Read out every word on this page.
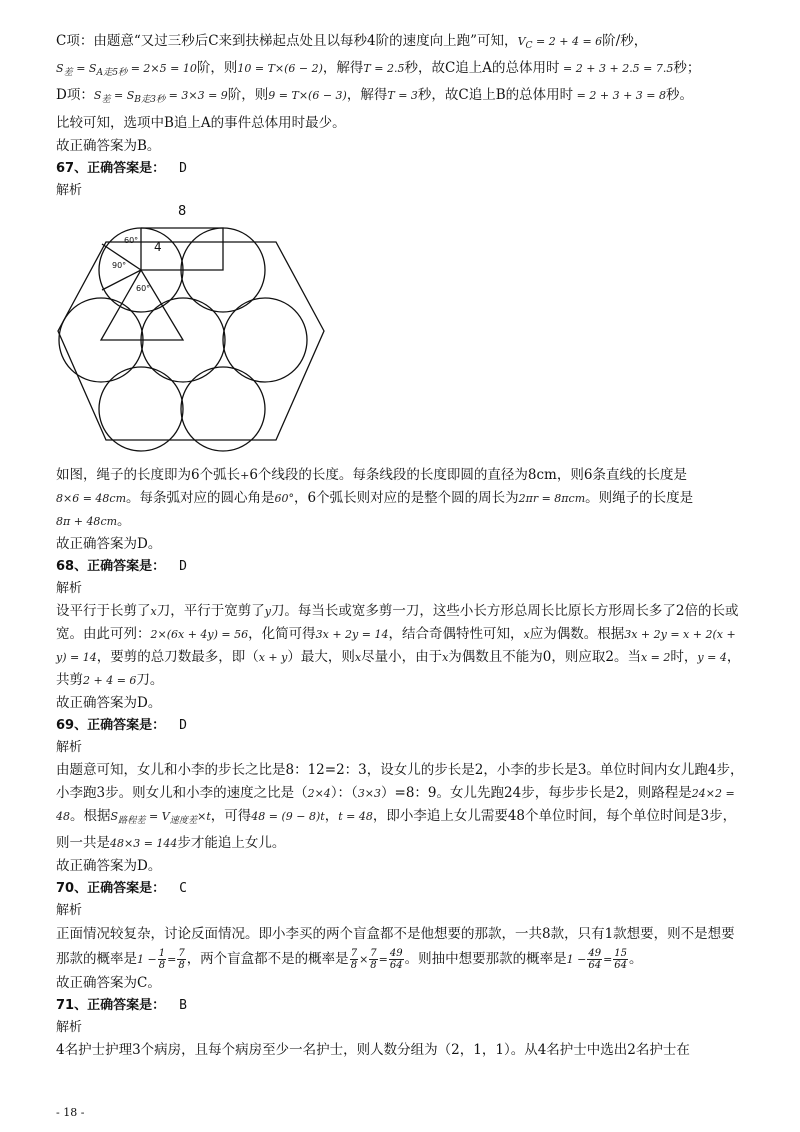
C项：由题意“又过三秒后C来到扶梯起点处且以每秒4阶的速度向上跑”可知，$V_C = 2 + 4 = 6$阶/秒，
$S_差 = S_{A走5秒} = 2\times 5 = 10$阶，则10 = T×(6 − 2)，解得T = 2.5秒，故C追上A的总体用时 = 2 + 3 + 2.5 = 7.5秒；

D项：$S_差 = S_{B走3秒} = 3\times 3 = 9$阶，则9 = T×(6 − 3)，解得T = 3秒，故C追上B的总体用时 = 2 + 3 + 3 = 8秒。

比较可知，选项中B追上A的事件总体用时最少。

故正确答案为B。

67、正确答案是： D

解析

8
4
60°
90°
60°

如图，绳子的长度即为6个弧长+6个线段的长度。每条线段的长度即圆的直径为8cm，则6条直线的长度是
8×6 = 48cm。每条弧对应的圆心角是60°，6个弧长则对应的是整个圆的周长为2πr = 8πcm。则绳子的长度是
8π + 48cm。

故正确答案为D。

68、正确答案是： D

解析

设平行于长剪了x刀，平行于宽剪了y刀。每当长或宽多剪一刀，这些小长方形总周长比原长方形周长多了2倍的长或宽。由此可列：2×(6x + 4y) = 56，化简可得3x + 2y = 14，结合奇偶特性可知，x应为偶数。根据3x + 2y = x + 2(x + y) = 14，要剪的总刀数最多，即（x + y）最大，则x尽量小，由于x为偶数且不能为0，则应取2。当x = 2时，y = 4，共剪2 + 4 = 6刀。

故正确答案为D。

69、正确答案是： D

解析

由题意可知，女儿和小李的步长之比是8：12=2：3，设女儿的步长是2，小李的步长是3。单位时间内女儿跑4步，小李跑3步。则女儿和小李的速度之比是（2×4）：（3×3）=8：9。女儿先跑24步，每步步长是2，则路程是24×2 = 48。根据$S_{路程差} = V_{速度差}\times t$，可得48 = (9 − 8)t，t = 48，即小李追上女儿需要48个单位时间，每个单位时间是3步，则一共是48×3 = 144步才能追上女儿。

故正确答案为D。

70、正确答案是： C

解析

正面情况较复杂，讨论反面情况。即小李买的两个盲盒都不是他想要的那款，一共8款，只有1款想要，则不是想要那款的概率是$1 - \frac{1}{8} = \frac{7}{8}$ ，两个盲盒都不是的概率是 $\frac{7}{8} \times \frac{7}{8} = \frac{49}{64}$ 。则抽中想要那款的概率是$1 - \frac{49}{64} = \frac{15}{64}$ 。

故正确答案为C。

71、正确答案是： B

解析

4名护士护理3个病房，且每个病房至少一名护士，则人数分组为（2，1，1）。从4名护士中选出2名护士在

- 18 -
